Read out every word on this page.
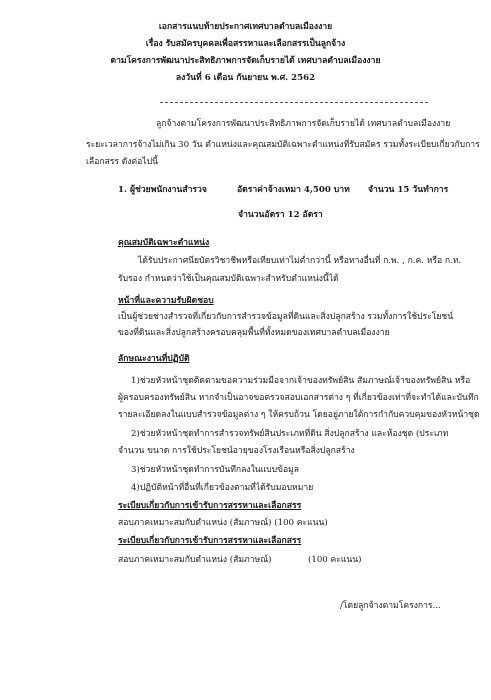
เอกสารแนบท้ายประกาศเทศบาลตำบลเมืองงาย
เรื่อง รับสมัครบุคคลเพื่อสรรหาและเลือกสรรเป็นลูกจ้าง
ตามโครงการพัฒนาประสิทธิภาพการจัดเก็บรายได้ เทศบาลตำบลเมืองงาย
ลงวันที่ 6 เดือน กันยายน พ.ศ. 2562
ลูกจ้างตามโครงการพัฒนาประสิทธิภาพการจัดเก็บรายได้ เทศบาลตำบลเมืองงาย
ระยะเวลาการจ้างไม่เกิน 30 วัน ตำแหน่งและคุณสมบัติเฉพาะตำแหน่งที่รับสมัคร รวมทั้งระเบียบเกี่ยวกับการ
เลือกสรร ดังต่อไปนี้
1. ผู้ช่วยพนักงานสำรวจ	อัตราค่าจ้างเหมา 4,500 บาท จำนวน 15 วันทำการ
จำนวนอัตรา 12 อัตรา
คุณสมบัติเฉพาะตำแหน่ง
ได้รับประกาศนียบัตรวิชาชีพหรือเทียบเท่าไม่ต่ำกว่านี้ หรือทางอื่นที่ ก.พ. , ก.ค. หรือ ก.ท.
รับรอง กำหนดว่าใช้เป็นคุณสมบัติเฉพาะสำหรับตำแหน่งนี้ได้
หน้าที่และความรับผิดชอบ
เป็นผู้ช่วยช่างสำรวจที่เกี่ยวกับการสำรวจข้อมูลที่ดินและสิ่งปลูกสร้าง รวมทั้งการใช้ประโยชน์
ของที่ดินและสิ่งปลูกสร้างครอบคลุมพื้นที่ทั้งหมดของเทศบาลตำบลเมืองงาย
ลักษณะงานที่ปฏิบัติ
1)ช่วยหัวหน้าชุดติดตามขอความร่วมมือจากเจ้าของทรัพย์สิน สัมภาษณ์เจ้าของทรัพย์สิน หรือ
ผู้ครอบครองทรัพย์สิน หากจำเป็นอาจขอตรวจสอบเอกสารต่าง ๆ ที่เกี่ยวข้องเท่าที่จะทำได้และบันทึก
รายละเอียดลงในแบบสำรวจข้อมูลต่าง ๆ ให้ครบถ้วน โดยอยู่ภายใต้การกำกับควบคุมของหัวหน้าชุด
2)ช่วยหัวหน้าชุดทำการสำรวจทรัพย์สินประเภทที่ดิน สิ่งปลูกสร้าง และห้องชุด (ประเภท
จำนวน ขนาด การใช้ประโยชน์อายุของโรงเรือนหรือสิ่งปลูกสร้าง
3)ช่วยหัวหน้าชุดทำการบันทึกลงในแบบข้อมูล
4)ปฏิบัติหน้าที่อื่นที่เกี่ยวข้องตามที่ได้รับมอบหมาย
ระเบียบเกี่ยวกับการเข้ารับการสรรหาและเลือกสรร
สอบภาคเหมาะสมกับตำแหน่ง (สัมภาษณ์) (100 คะแนน)
ระเบียบเกี่ยวกับการเข้ารับการสรรหาและเลือกสรร
สอบภาคเหมาะสมกับตำแหน่ง (สัมภาษณ์)	(100 คะแนน)
/โดยลูกจ้างตามโครงการ...
